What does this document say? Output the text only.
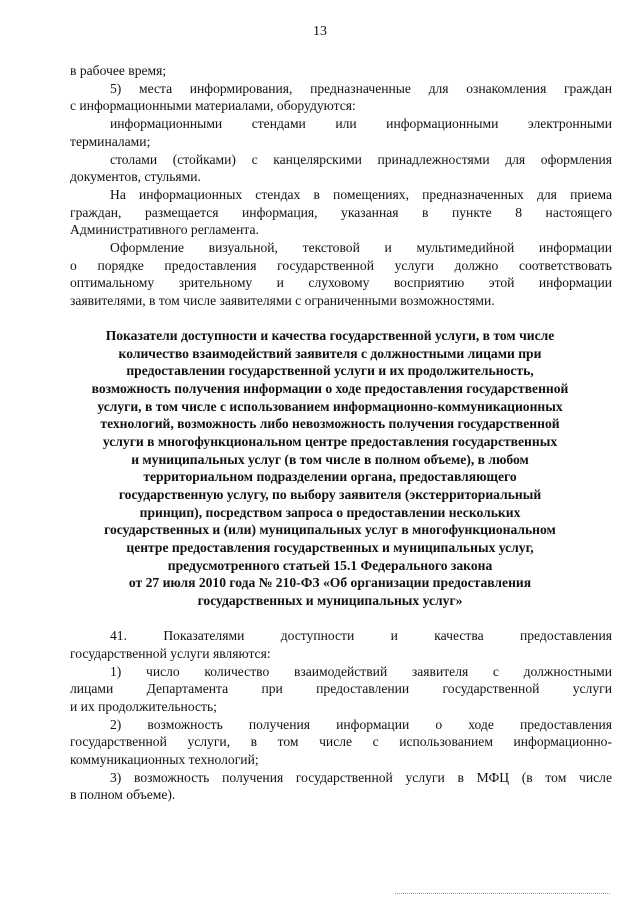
13
в рабочее время;
5) места информирования, предназначенные для ознакомления граждан
с информационными материалами, оборудуются:
информационными стендами или информационными электронными
терминалами;
столами (стойками) с канцелярскими принадлежностями для оформления
документов, стульями.
На информационных стендах в помещениях, предназначенных для приема
граждан, размещается информация, указанная в пункте 8 настоящего
Административного регламента.
Оформление визуальной, текстовой и мультимедийной информации
о порядке предоставления государственной услуги должно соответствовать
оптимальному зрительному и слуховому восприятию этой информации
заявителями, в том числе заявителями с ограниченными возможностями.
Показатели доступности и качества государственной услуги, в том числе
количество взаимодействий заявителя с должностными лицами при
предоставлении государственной услуги и их продолжительность,
возможность получения информации о ходе предоставления государственной
услуги, в том числе с использованием информационно-коммуникационных
технологий, возможность либо невозможность получения государственной
услуги в многофункциональном центре предоставления государственных
и муниципальных услуг (в том числе в полном объеме), в любом
территориальном подразделении органа, предоставляющего
государственную услугу, по выбору заявителя (экстерриториальный
принцип), посредством запроса о предоставлении нескольких
государственных и (или) муниципальных услуг в многофункциональном
центре предоставления государственных и муниципальных услуг,
предусмотренного статьей 15.1 Федерального закона
от 27 июля 2010 года № 210-ФЗ «Об организации предоставления
государственных и муниципальных услуг»
41. Показателями доступности и качества предоставления
государственной услуги являются:
1) число количество взаимодействий заявителя с должностными
лицами Департамента при предоставлении государственной услуги
и их продолжительность;
2) возможность получения информации о ходе предоставления
государственной услуги, в том числе с использованием информационно-
коммуникационных технологий;
3) возможность получения государственной услуги в МФЦ (в том числе
в полном объеме).
